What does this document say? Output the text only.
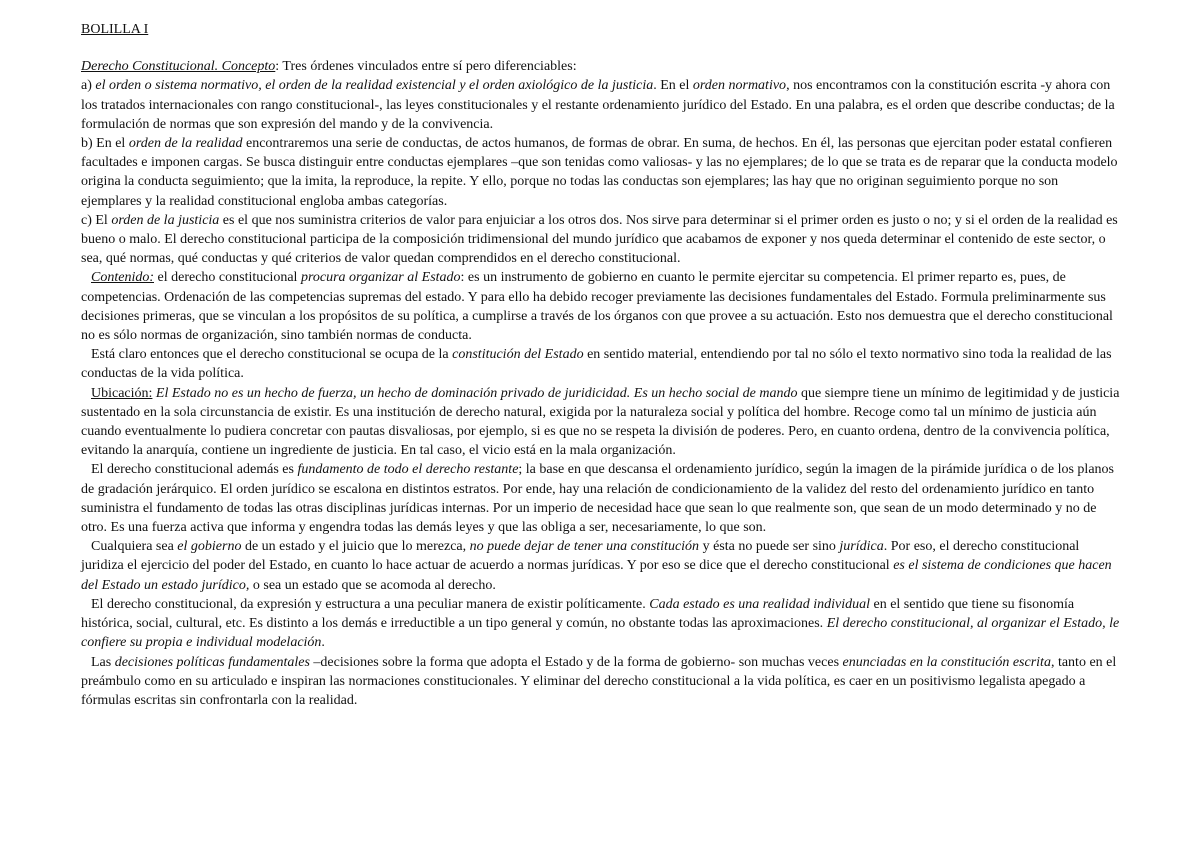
BOLILLA I

Derecho Constitucional. Concepto: Tres órdenes vinculados entre sí pero diferenciables:

a) el orden o sistema normativo, el orden de la realidad existencial y el orden axiológico de la justicia. En el orden normativo, nos encontramos con la constitución escrita -y ahora con los tratados internacionales con rango constitucional-, las leyes constitucionales y el restante ordenamiento jurídico del Estado. En una palabra, es el orden que describe conductas; de la formulación de normas que son expresión del mando y de la convivencia.

b) En el orden de la realidad encontraremos una serie de conductas, de actos humanos, de formas de obrar. En suma, de hechos. En él, las personas que ejercitan poder estatal confieren facultades e imponen cargas. Se busca distinguir entre conductas ejemplares –que son tenidas como valiosas- y las no ejemplares; de lo que se trata es de reparar que la conducta modelo origina la conducta seguimiento; que la imita, la reproduce, la repite. Y ello, porque no todas las conductas son ejemplares; las hay que no originan seguimiento porque no son ejemplares y la realidad constitucional engloba ambas categorías.

c) El orden de la justicia es el que nos suministra criterios de valor para enjuiciar a los otros dos. Nos sirve para determinar si el primer orden es justo o no; y si el orden de la realidad es bueno o malo. El derecho constitucional participa de la composición tridimensional del mundo jurídico que acabamos de exponer y nos queda determinar el contenido de este sector, o sea, qué normas, qué conductas y qué criterios de valor quedan comprendidos en el derecho constitucional.

Contenido: el derecho constitucional procura organizar al Estado: es un instrumento de gobierno en cuanto le permite ejercitar su competencia. El primer reparto es, pues, de competencias. Ordenación de las competencias supremas del estado. Y para ello ha debido recoger previamente las decisiones fundamentales del Estado. Formula preliminarmente sus decisiones primeras, que se vinculan a los propósitos de su política, a cumplirse a través de los órganos con que provee a su actuación. Esto nos demuestra que el derecho constitucional no es sólo normas de organización, sino también normas de conducta.

Está claro entonces que el derecho constitucional se ocupa de la constitución del Estado en sentido material, entendiendo por tal no sólo el texto normativo sino toda la realidad de las conductas de la vida política.

Ubicación: El Estado no es un hecho de fuerza, un hecho de dominación privado de juridicidad. Es un hecho social de mando que siempre tiene un mínimo de legitimidad y de justicia sustentado en la sola circunstancia de existir. Es una institución de derecho natural, exigida por la naturaleza social y política del hombre. Recoge como tal un mínimo de justicia aún cuando eventualmente lo pudiera concretar con pautas disvaliosas, por ejemplo, si es que no se respeta la división de poderes. Pero, en cuanto ordena, dentro de la convivencia política, evitando la anarquía, contiene un ingrediente de justicia. En tal caso, el vicio está en la mala organización.

El derecho constitucional además es fundamento de todo el derecho restante; la base en que descansa el ordenamiento jurídico, según la imagen de la pirámide jurídica o de los planos de gradación jerárquico. El orden jurídico se escalona en distintos estratos. Por ende, hay una relación de condicionamiento de la validez del resto del ordenamiento jurídico en tanto suministra el fundamento de todas las otras disciplinas jurídicas internas. Por un imperio de necesidad hace que sean lo que realmente son, que sean de un modo determinado y no de otro. Es una fuerza activa que informa y engendra todas las demás leyes y que las obliga a ser, necesariamente, lo que son.

Cualquiera sea el gobierno de un estado y el juicio que lo merezca, no puede dejar de tener una constitución y ésta no puede ser sino jurídica. Por eso, el derecho constitucional juridiza el ejercicio del poder del Estado, en cuanto lo hace actuar de acuerdo a normas jurídicas. Y por eso se dice que el derecho constitucional es el sistema de condiciones que hacen del Estado un estado jurídico, o sea un estado que se acomoda al derecho.

El derecho constitucional, da expresión y estructura a una peculiar manera de existir políticamente. Cada estado es una realidad individual en el sentido que tiene su fisonomía histórica, social, cultural, etc. Es distinto a los demás e irreductible a un tipo general y común, no obstante todas las aproximaciones. El derecho constitucional, al organizar el Estado, le confiere su propia e individual modelación.

Las decisiones políticas fundamentales –decisiones sobre la forma que adopta el Estado y de la forma de gobierno- son muchas veces enunciadas en la constitución escrita, tanto en el preámbulo como en su articulado e inspiran las normaciones constitucionales. Y eliminar del derecho constitucional a la vida política, es caer en un positivismo legalista apegado a fórmulas escritas sin confrontarla con la realidad.
